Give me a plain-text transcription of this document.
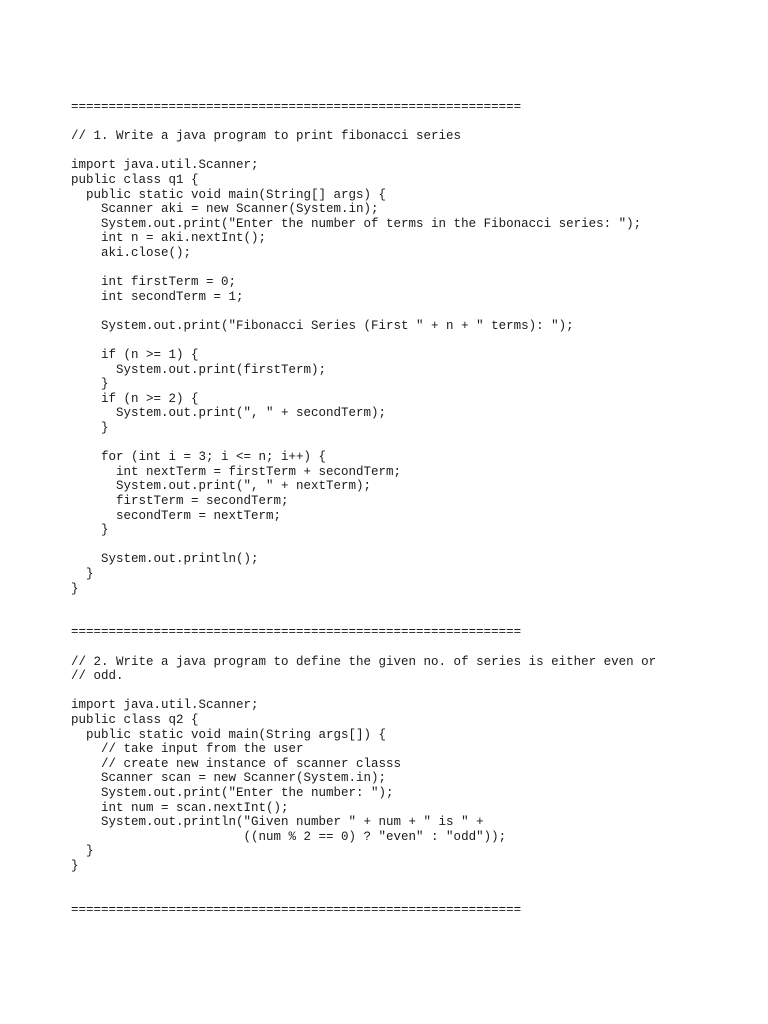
============================================================
// 1. Write a java program to print fibonacci series
import java.util.Scanner;
public class q1 {
public static void main(String[] args) {
Scanner aki = new Scanner(System.in);
System.out.print("Enter the number of terms in the Fibonacci series: ");
int n = aki.nextInt();
aki.close();
int firstTerm = 0;
int secondTerm = 1;
System.out.print("Fibonacci Series (First " + n + " terms): ");
if (n >= 1) {
System.out.print(firstTerm);
}
if (n >= 2) {
System.out.print(", " + secondTerm);
}
for (int i = 3; i <= n; i++) {
int nextTerm = firstTerm + secondTerm;
System.out.print(", " + nextTerm);
firstTerm = secondTerm;
secondTerm = nextTerm;
}
System.out.println();
}
}
============================================================
// 2. Write a java program to define the given no. of series is either even or
// odd.
import java.util.Scanner;
public class q2 {
public static void main(String args[]) {
// take input from the user
// create new instance of scanner classs
Scanner scan = new Scanner(System.in);
System.out.print("Enter the number: ");
int num = scan.nextInt();
System.out.println("Given number " + num + " is " +
((num % 2 == 0) ? "even" : "odd"));
}
}
============================================================
